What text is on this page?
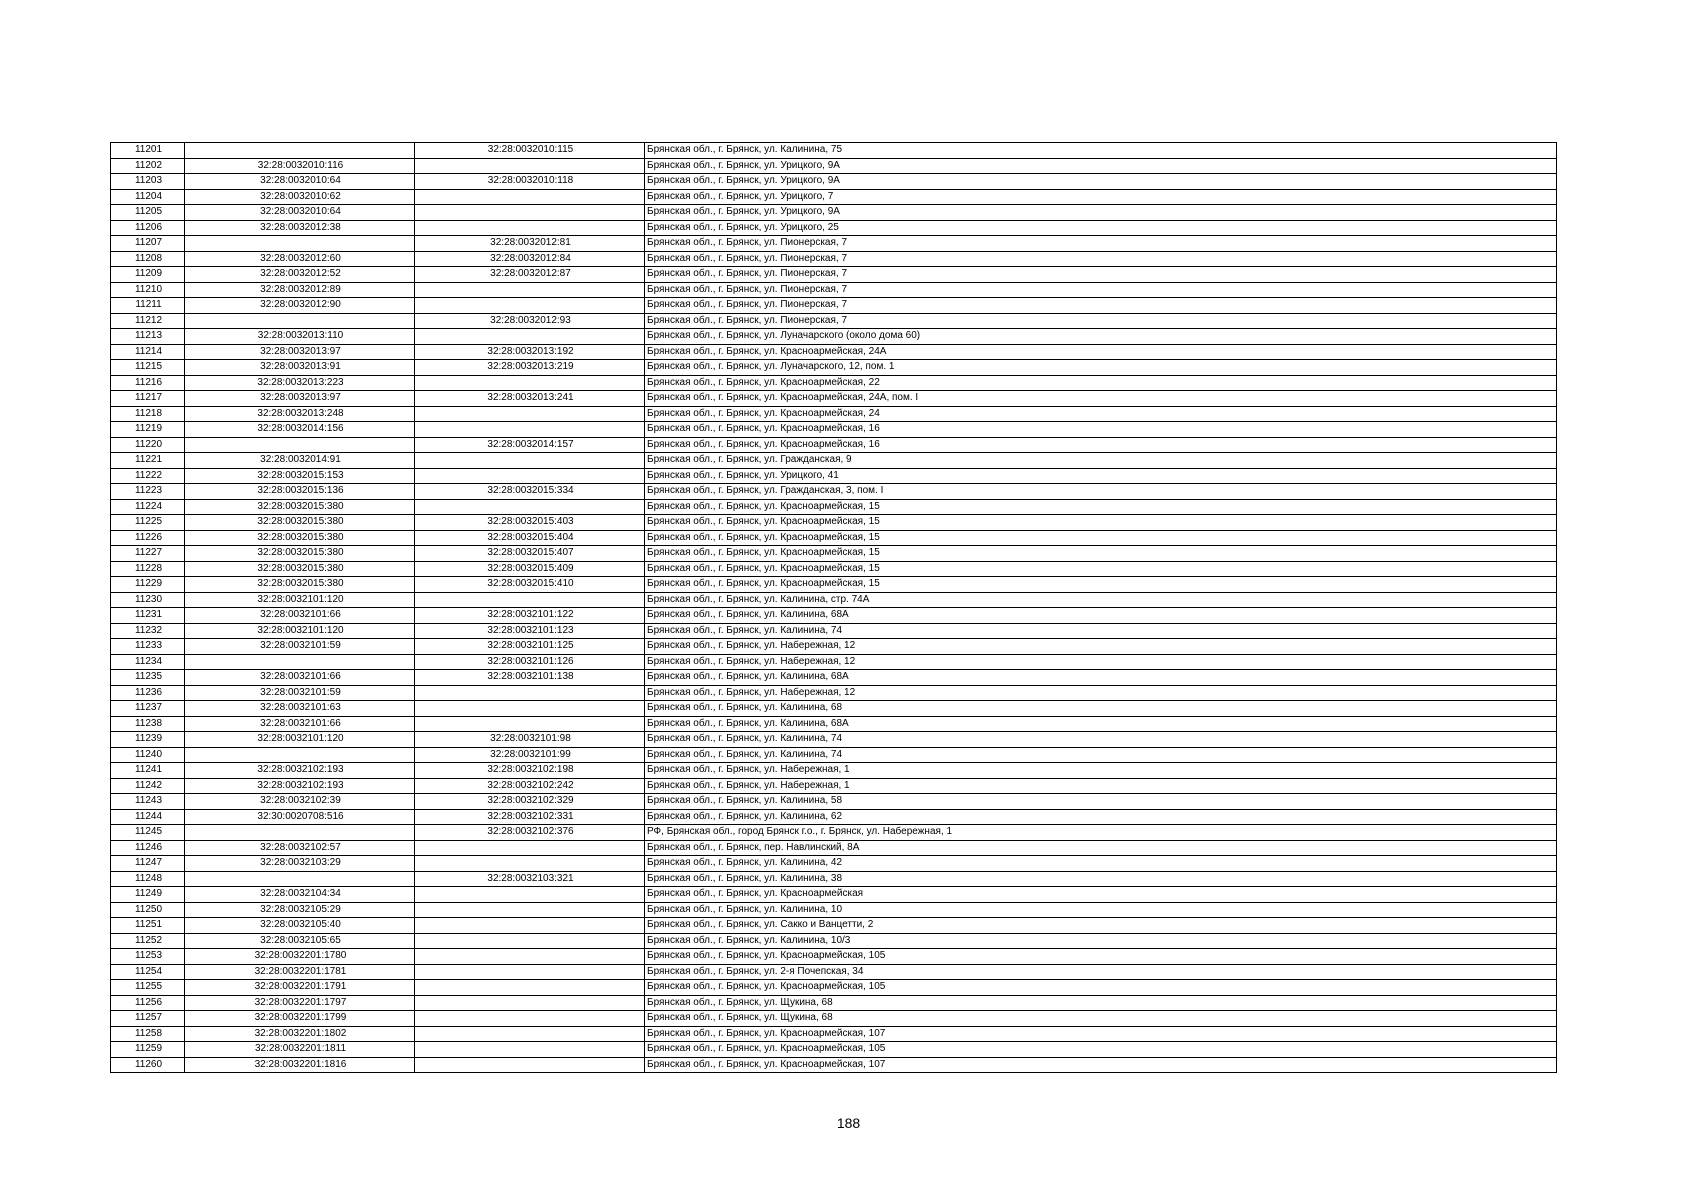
11201		32:28:0032010:115	Брянская обл., г. Брянск, ул. Калинина, 75
11202	32:28:0032010:116		Брянская обл., г. Брянск, ул. Урицкого, 9А
11203	32:28:0032010:64	32:28:0032010:118	Брянская обл., г. Брянск, ул. Урицкого, 9А
11204	32:28:0032010:62		Брянская обл., г. Брянск, ул. Урицкого, 7
11205	32:28:0032010:64		Брянская обл., г. Брянск, ул. Урицкого, 9А
11206	32:28:0032012:38		Брянская обл., г. Брянск, ул. Урицкого, 25
11207		32:28:0032012:81	Брянская обл., г. Брянск, ул. Пионерская, 7
11208	32:28:0032012:60	32:28:0032012:84	Брянская обл., г. Брянск, ул. Пионерская, 7
11209	32:28:0032012:52	32:28:0032012:87	Брянская обл., г. Брянск, ул. Пионерская, 7
11210	32:28:0032012:89		Брянская обл., г. Брянск, ул. Пионерская, 7
11211	32:28:0032012:90		Брянская обл., г. Брянск, ул. Пионерская, 7
11212		32:28:0032012:93	Брянская обл., г. Брянск, ул. Пионерская, 7
11213	32:28:0032013:110		Брянская обл., г. Брянск, ул. Луначарского (около дома 60)
11214	32:28:0032013:97	32:28:0032013:192	Брянская обл., г. Брянск, ул. Красноармейская, 24А
11215	32:28:0032013:91	32:28:0032013:219	Брянская обл., г. Брянск, ул. Луначарского, 12, пом. 1
11216	32:28:0032013:223		Брянская обл., г. Брянск, ул. Красноармейская, 22
11217	32:28:0032013:97	32:28:0032013:241	Брянская обл., г. Брянск, ул. Красноармейская, 24А, пом. I
11218	32:28:0032013:248		Брянская обл., г. Брянск, ул. Красноармейская, 24
11219	32:28:0032014:156		Брянская обл., г. Брянск, ул. Красноармейская, 16
11220		32:28:0032014:157	Брянская обл., г. Брянск, ул. Красноармейская, 16
11221	32:28:0032014:91		Брянская обл., г. Брянск, ул. Гражданская, 9
11222	32:28:0032015:153		Брянская обл., г. Брянск, ул. Урицкого, 41
11223	32:28:0032015:136	32:28:0032015:334	Брянская обл., г. Брянск, ул. Гражданская, 3, пом. I
11224	32:28:0032015:380		Брянская обл., г. Брянск, ул. Красноармейская, 15
11225	32:28:0032015:380	32:28:0032015:403	Брянская обл., г. Брянск, ул. Красноармейская, 15
11226	32:28:0032015:380	32:28:0032015:404	Брянская обл., г. Брянск, ул. Красноармейская, 15
11227	32:28:0032015:380	32:28:0032015:407	Брянская обл., г. Брянск, ул. Красноармейская, 15
11228	32:28:0032015:380	32:28:0032015:409	Брянская обл., г. Брянск, ул. Красноармейская, 15
11229	32:28:0032015:380	32:28:0032015:410	Брянская обл., г. Брянск, ул. Красноармейская, 15
11230	32:28:0032101:120		Брянская обл., г. Брянск, ул. Калинина, стр. 74А
11231	32:28:0032101:66	32:28:0032101:122	Брянская обл., г. Брянск, ул. Калинина, 68А
11232	32:28:0032101:120	32:28:0032101:123	Брянская обл., г. Брянск, ул. Калинина, 74
11233	32:28:0032101:59	32:28:0032101:125	Брянская обл., г. Брянск, ул. Набережная, 12
11234		32:28:0032101:126	Брянская обл., г. Брянск, ул. Набережная, 12
11235	32:28:0032101:66	32:28:0032101:138	Брянская обл., г. Брянск, ул. Калинина, 68А
11236	32:28:0032101:59		Брянская обл., г. Брянск, ул. Набережная, 12
11237	32:28:0032101:63		Брянская обл., г. Брянск, ул. Калинина, 68
11238	32:28:0032101:66		Брянская обл., г. Брянск, ул. Калинина, 68А
11239	32:28:0032101:120	32:28:0032101:98	Брянская обл., г. Брянск, ул. Калинина, 74
11240		32:28:0032101:99	Брянская обл., г. Брянск, ул. Калинина, 74
11241	32:28:0032102:193	32:28:0032102:198	Брянская обл., г. Брянск, ул. Набережная, 1
11242	32:28:0032102:193	32:28:0032102:242	Брянская обл., г. Брянск, ул. Набережная, 1
11243	32:28:0032102:39	32:28:0032102:329	Брянская обл., г. Брянск, ул. Калинина, 58
11244	32:30:0020708:516	32:28:0032102:331	Брянская обл., г. Брянск, ул. Калинина, 62
11245		32:28:0032102:376	РФ, Брянская обл., город Брянск г.о., г. Брянск, ул. Набережная, 1
11246	32:28:0032102:57		Брянская обл., г. Брянск, пер. Навлинский, 8А
11247	32:28:0032103:29		Брянская обл., г. Брянск, ул. Калинина, 42
11248		32:28:0032103:321	Брянская обл., г. Брянск, ул. Калинина, 38
11249	32:28:0032104:34		Брянская обл., г. Брянск, ул. Красноармейская
11250	32:28:0032105:29		Брянская обл., г. Брянск, ул. Калинина, 10
11251	32:28:0032105:40		Брянская обл., г. Брянск, ул. Сакко и Ванцетти, 2
11252	32:28:0032105:65		Брянская обл., г. Брянск, ул. Калинина, 10/3
11253	32:28:0032201:1780		Брянская обл., г. Брянск, ул. Красноармейская, 105
11254	32:28:0032201:1781		Брянская обл., г. Брянск, ул. 2-я Почепская, 34
11255	32:28:0032201:1791		Брянская обл., г. Брянск, ул. Красноармейская, 105
11256	32:28:0032201:1797		Брянская обл., г. Брянск, ул. Щукина, 68
11257	32:28:0032201:1799		Брянская обл., г. Брянск, ул. Щукина, 68
11258	32:28:0032201:1802		Брянская обл., г. Брянск, ул. Красноармейская, 107
11259	32:28:0032201:1811		Брянская обл., г. Брянск, ул. Красноармейская, 105
11260	32:28:0032201:1816		Брянская обл., г. Брянск, ул. Красноармейская, 107
188
